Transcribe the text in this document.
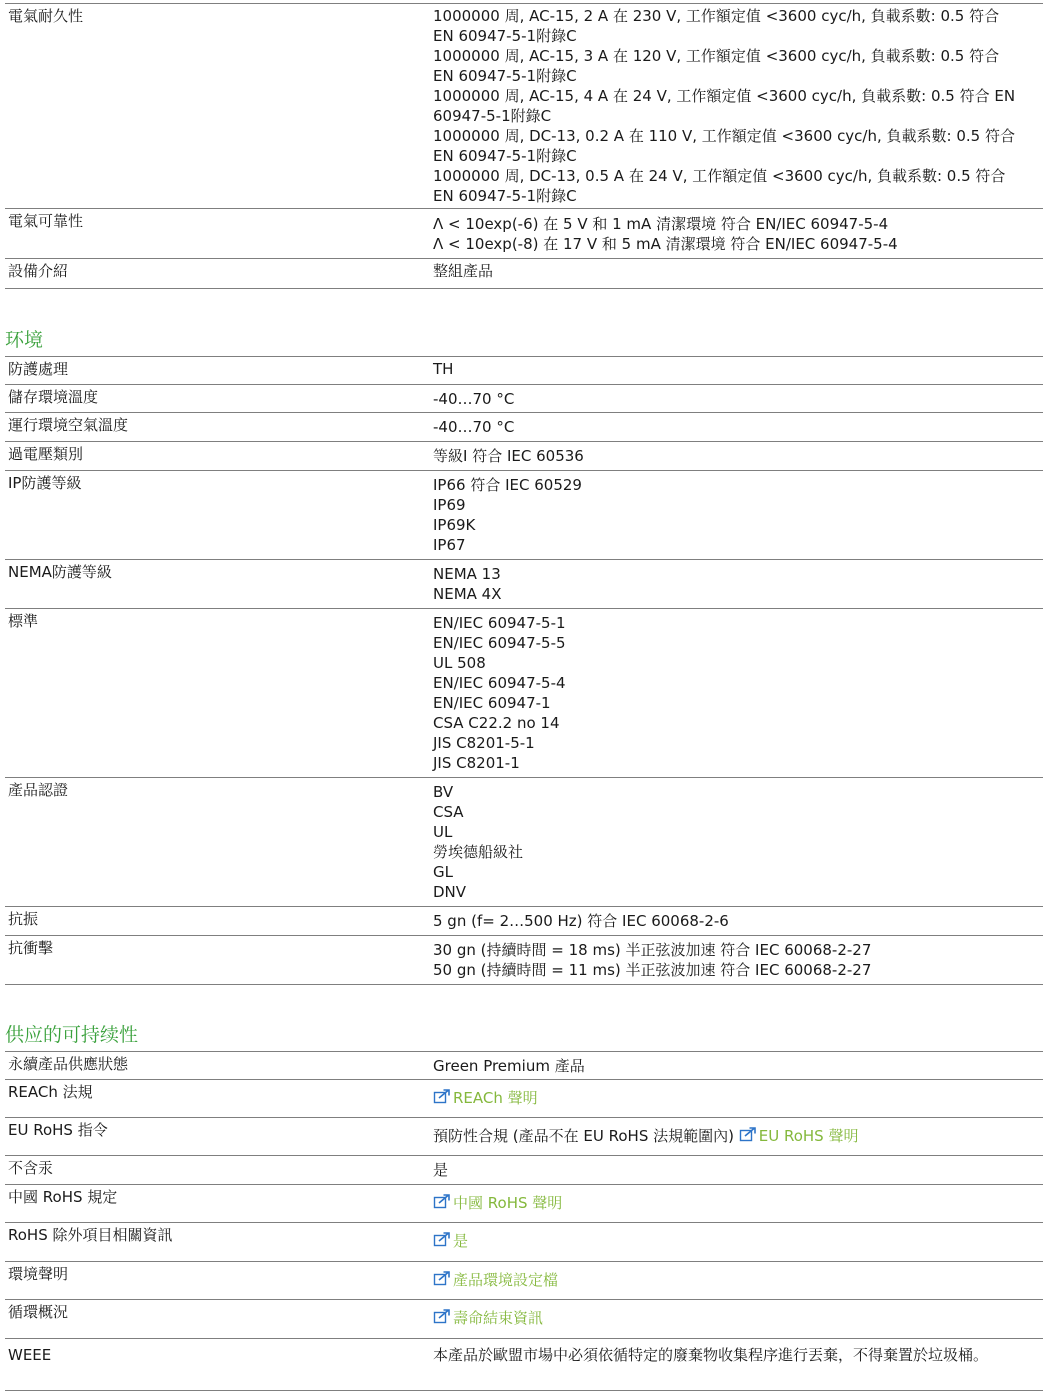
電氣耐久性	1000000 周, AC-15, 2 A 在 230 V, 工作額定值 <3600 cyc/h, 負載系數: 0.5 符合
EN 60947-5-1附錄C
1000000 周, AC-15, 3 A 在 120 V, 工作額定值 <3600 cyc/h, 負載系數: 0.5 符合
EN 60947-5-1附錄C
1000000 周, AC-15, 4 A 在 24 V, 工作額定值 <3600 cyc/h, 負載系數: 0.5 符合 EN
60947-5-1附錄C
1000000 周, DC-13, 0.2 A 在 110 V, 工作額定值 <3600 cyc/h, 負載系數: 0.5 符合
EN 60947-5-1附錄C
1000000 周, DC-13, 0.5 A 在 24 V, 工作額定值 <3600 cyc/h, 負載系數: 0.5 符合
EN 60947-5-1附錄C
電氣可靠性	Λ < 10exp(-6) 在 5 V 和 1 mA 清潔環境 符合 EN/IEC 60947-5-4
Λ < 10exp(-8) 在 17 V 和 5 mA 清潔環境 符合 EN/IEC 60947-5-4
設備介紹	整組產品
环境
防護處理	TH
儲存環境溫度	-40…70 °C
運行環境空氣溫度	-40…70 °C
過電壓類別	等級I 符合 IEC 60536
IP防護等級	IP66 符合 IEC 60529
IP69
IP69K
IP67
NEMA防護等級	NEMA 13
NEMA 4X
標準	EN/IEC 60947-5-1
EN/IEC 60947-5-5
UL 508
EN/IEC 60947-5-4
EN/IEC 60947-1
CSA C22.2 no 14
JIS C8201-5-1
JIS C8201-1
產品認證	BV
CSA
UL
勞埃德船級社
GL
DNV
抗振	5 gn (f= 2…500 Hz) 符合 IEC 60068-2-6
抗衝擊	30 gn (持續時間 = 18 ms) 半正弦波加速 符合 IEC 60068-2-27
50 gn (持續時間 = 11 ms) 半正弦波加速 符合 IEC 60068-2-27
供应的可持续性
永續產品供應狀態	Green Premium 產品
REACh 法規	REACh 聲明
EU RoHS 指令	預防性合規 (產品不在 EU RoHS 法規範圍內) EU RoHS 聲明
不含汞	是
中國 RoHS 規定	中國 RoHS 聲明
RoHS 除外項目相關資訊	是
環境聲明	產品環境設定檔
循環概況	壽命結束資訊
WEEE	本產品於歐盟市場中必須依循特定的廢棄物收集程序進行丟棄，不得棄置於垃圾桶。
